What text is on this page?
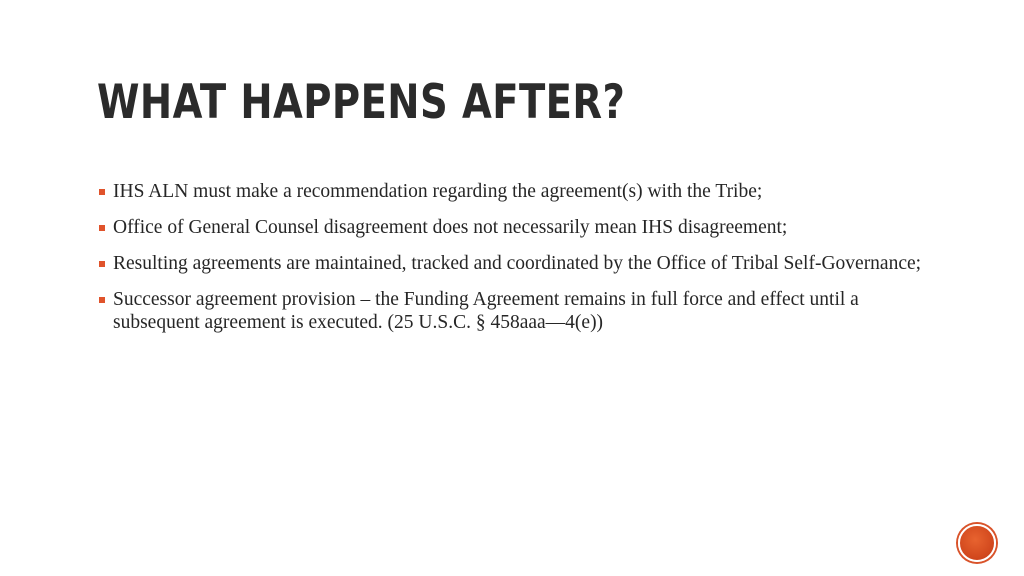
WHAT HAPPENS AFTER?
IHS ALN must make a recommendation regarding the agreement(s) with the Tribe;
Office of General Counsel disagreement does not necessarily mean IHS disagreement;
Resulting agreements are maintained, tracked and coordinated by the Office of Tribal Self-Governance;
Successor agreement provision – the Funding Agreement remains in full force and effect until a subsequent agreement is executed. (25 U.S.C. § 458aaa—4(e))
